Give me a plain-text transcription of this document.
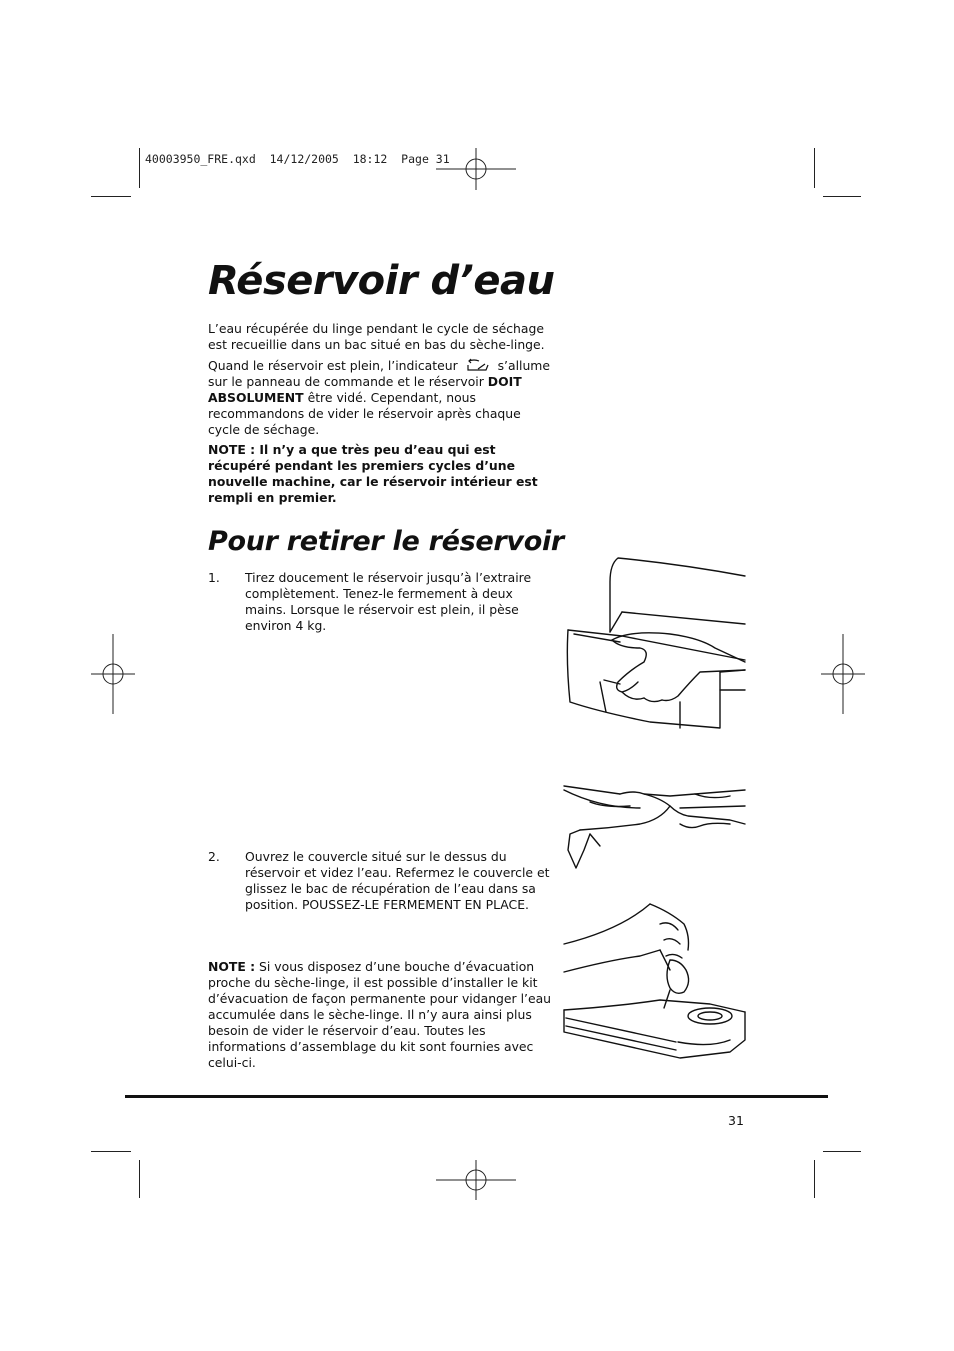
40003950_FRE.qxd  14/12/2005  18:12  Page 31
Réservoir d’eau

L’eau récupérée du linge pendant le cycle de séchage est recueillie dans un bac situé en bas du sèche-linge.

Quand le réservoir est plein, l’indicateur	s’allume sur le panneau de commande et le réservoir DOIT ABSOLUMENT être vidé. Cependant, nous recommandons de vider le réservoir après chaque cycle de séchage.

NOTE : Il n’y a que très peu d’eau qui est récupéré pendant les premiers cycles d’une nouvelle machine, car le réservoir intérieur est rempli en premier.

Pour retirer le réservoir
1. Tirez doucement le réservoir jusqu’à l’extraire complètement. Tenez-le fermement à deux mains. Lorsque le réservoir est plein, il pèse environ 4 kg.

2. Ouvrez le couvercle situé sur le dessus du réservoir et videz l’eau. Refermez le couvercle et glissez le bac de récupération de l’eau dans sa position. POUSSEZ-LE FERMEMENT EN PLACE.

NOTE : Si vous disposez d’une bouche d’évacuation proche du sèche-linge, il est possible d’installer le kit d’évacuation de façon permanente pour vidanger l’eau accumulée dans le sèche-linge. Il n’y aura ainsi plus besoin de vider le réservoir d’eau. Toutes les informations d’assemblage du kit sont fournies avec celui-ci.

31
